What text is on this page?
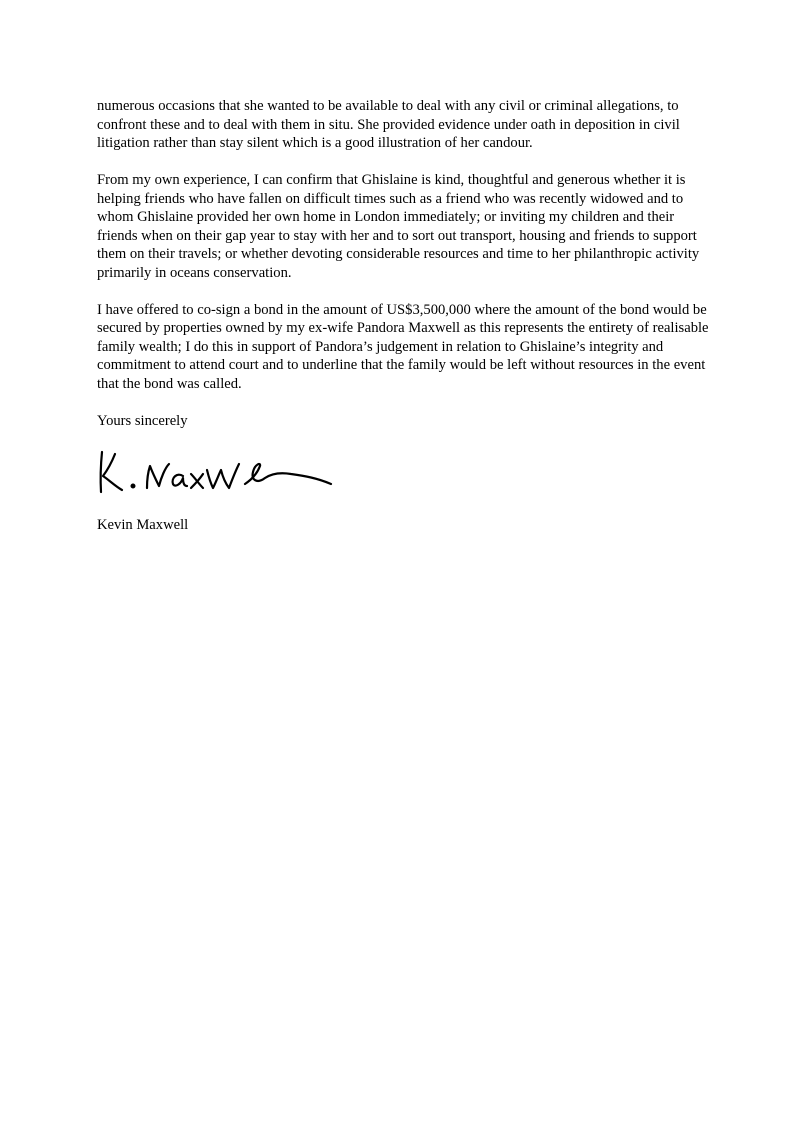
numerous occasions that she wanted to be available to deal with any civil or criminal allegations, to confront these and to deal with them in situ. She provided evidence under oath in deposition in civil litigation rather than stay silent which is a good illustration of her candour.

From my own experience, I can confirm that Ghislaine is kind, thoughtful and generous whether it is helping friends who have fallen on difficult times such as a friend who was recently widowed and to whom Ghislaine provided her own home in London immediately; or inviting my children and their friends when on their gap year to stay with her and to sort out transport, housing and friends to support them on their travels; or whether devoting considerable resources and time to her philanthropic activity primarily in oceans conservation.

I have offered to co-sign a bond in the amount of US$3,500,000 where the amount of the bond would be secured by properties owned by my ex-wife Pandora Maxwell as this represents the entirety of realisable family wealth; I do this in support of Pandora’s judgement in relation to Ghislaine’s integrity and commitment to attend court and to underline that the family would be left without resources in the event that the bond was called.

Yours sincerely

Kevin Maxwell
